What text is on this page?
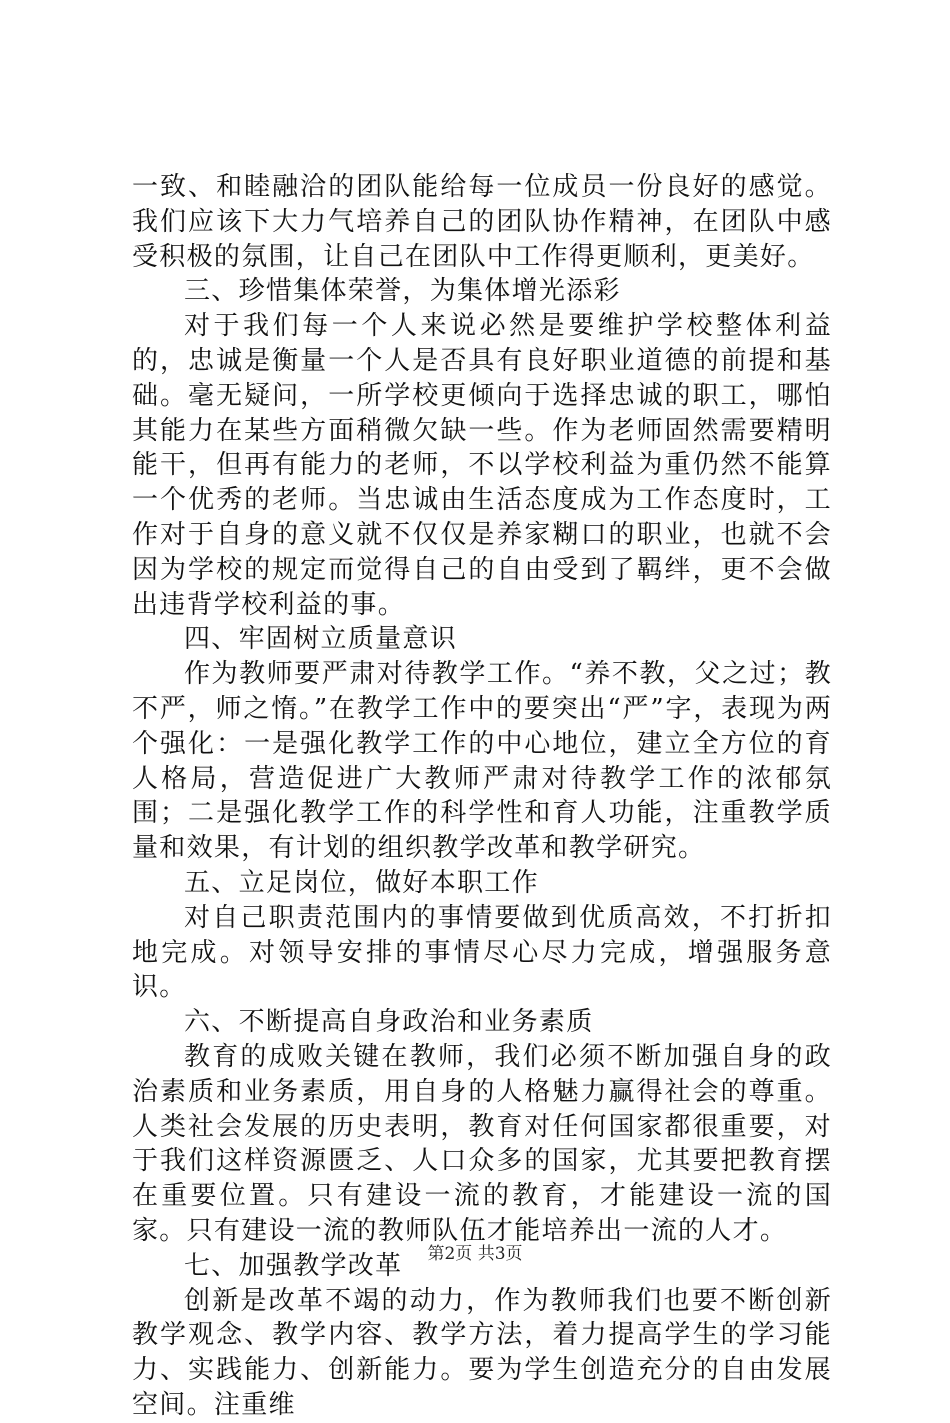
一致、和睦融洽的团队能给每一位成员一份良好的感觉。我们应该下大力气培养自己的团队协作精神，在团队中感受积极的氛围，让自己在团队中工作得更顺利，更美好。

三、珍惜集体荣誉，为集体增光添彩

对于我们每一个人来说必然是要维护学校整体利益的，忠诚是衡量一个人是否具有良好职业道德的前提和基础。毫无疑问，一所学校更倾向于选择忠诚的职工，哪怕其能力在某些方面稍微欠缺一些。作为老师固然需要精明能干，但再有能力的老师，不以学校利益为重仍然不能算一个优秀的老师。当忠诚由生活态度成为工作态度时，工作对于自身的意义就不仅仅是养家糊口的职业，也就不会因为学校的规定而觉得自己的自由受到了羁绊，更不会做出违背学校利益的事。

四、牢固树立质量意识

作为教师要严肃对待教学工作。“养不教，父之过；教不严，师之惰。”在教学工作中的要突出“严”字，表现为两个强化：一是强化教学工作的中心地位，建立全方位的育人格局，营造促进广大教师严肃对待教学工作的浓郁氛围；二是强化教学工作的科学性和育人功能，注重教学质量和效果，有计划的组织教学改革和教学研究。

五、立足岗位，做好本职工作

对自己职责范围内的事情要做到优质高效，不打折扣地完成。对领导安排的事情尽心尽力完成，增强服务意识。

六、不断提高自身政治和业务素质

教育的成败关键在教师，我们必须不断加强自身的政治素质和业务素质，用自身的人格魅力赢得社会的尊重。人类社会发展的历史表明，教育对任何国家都很重要，对于我们这样资源匮乏、人口众多的国家，尤其要把教育摆在重要位置。只有建设一流的教育，才能建设一流的国家。只有建设一流的教师队伍才能培养出一流的人才。

七、加强教学改革

创新是改革不竭的动力，作为教师我们也要不断创新教学观念、教学内容、教学方法，着力提高学生的学习能力、实践能力、创新能力。要为学生创造充分的自由发展空间。注重维

第2页 共3页
